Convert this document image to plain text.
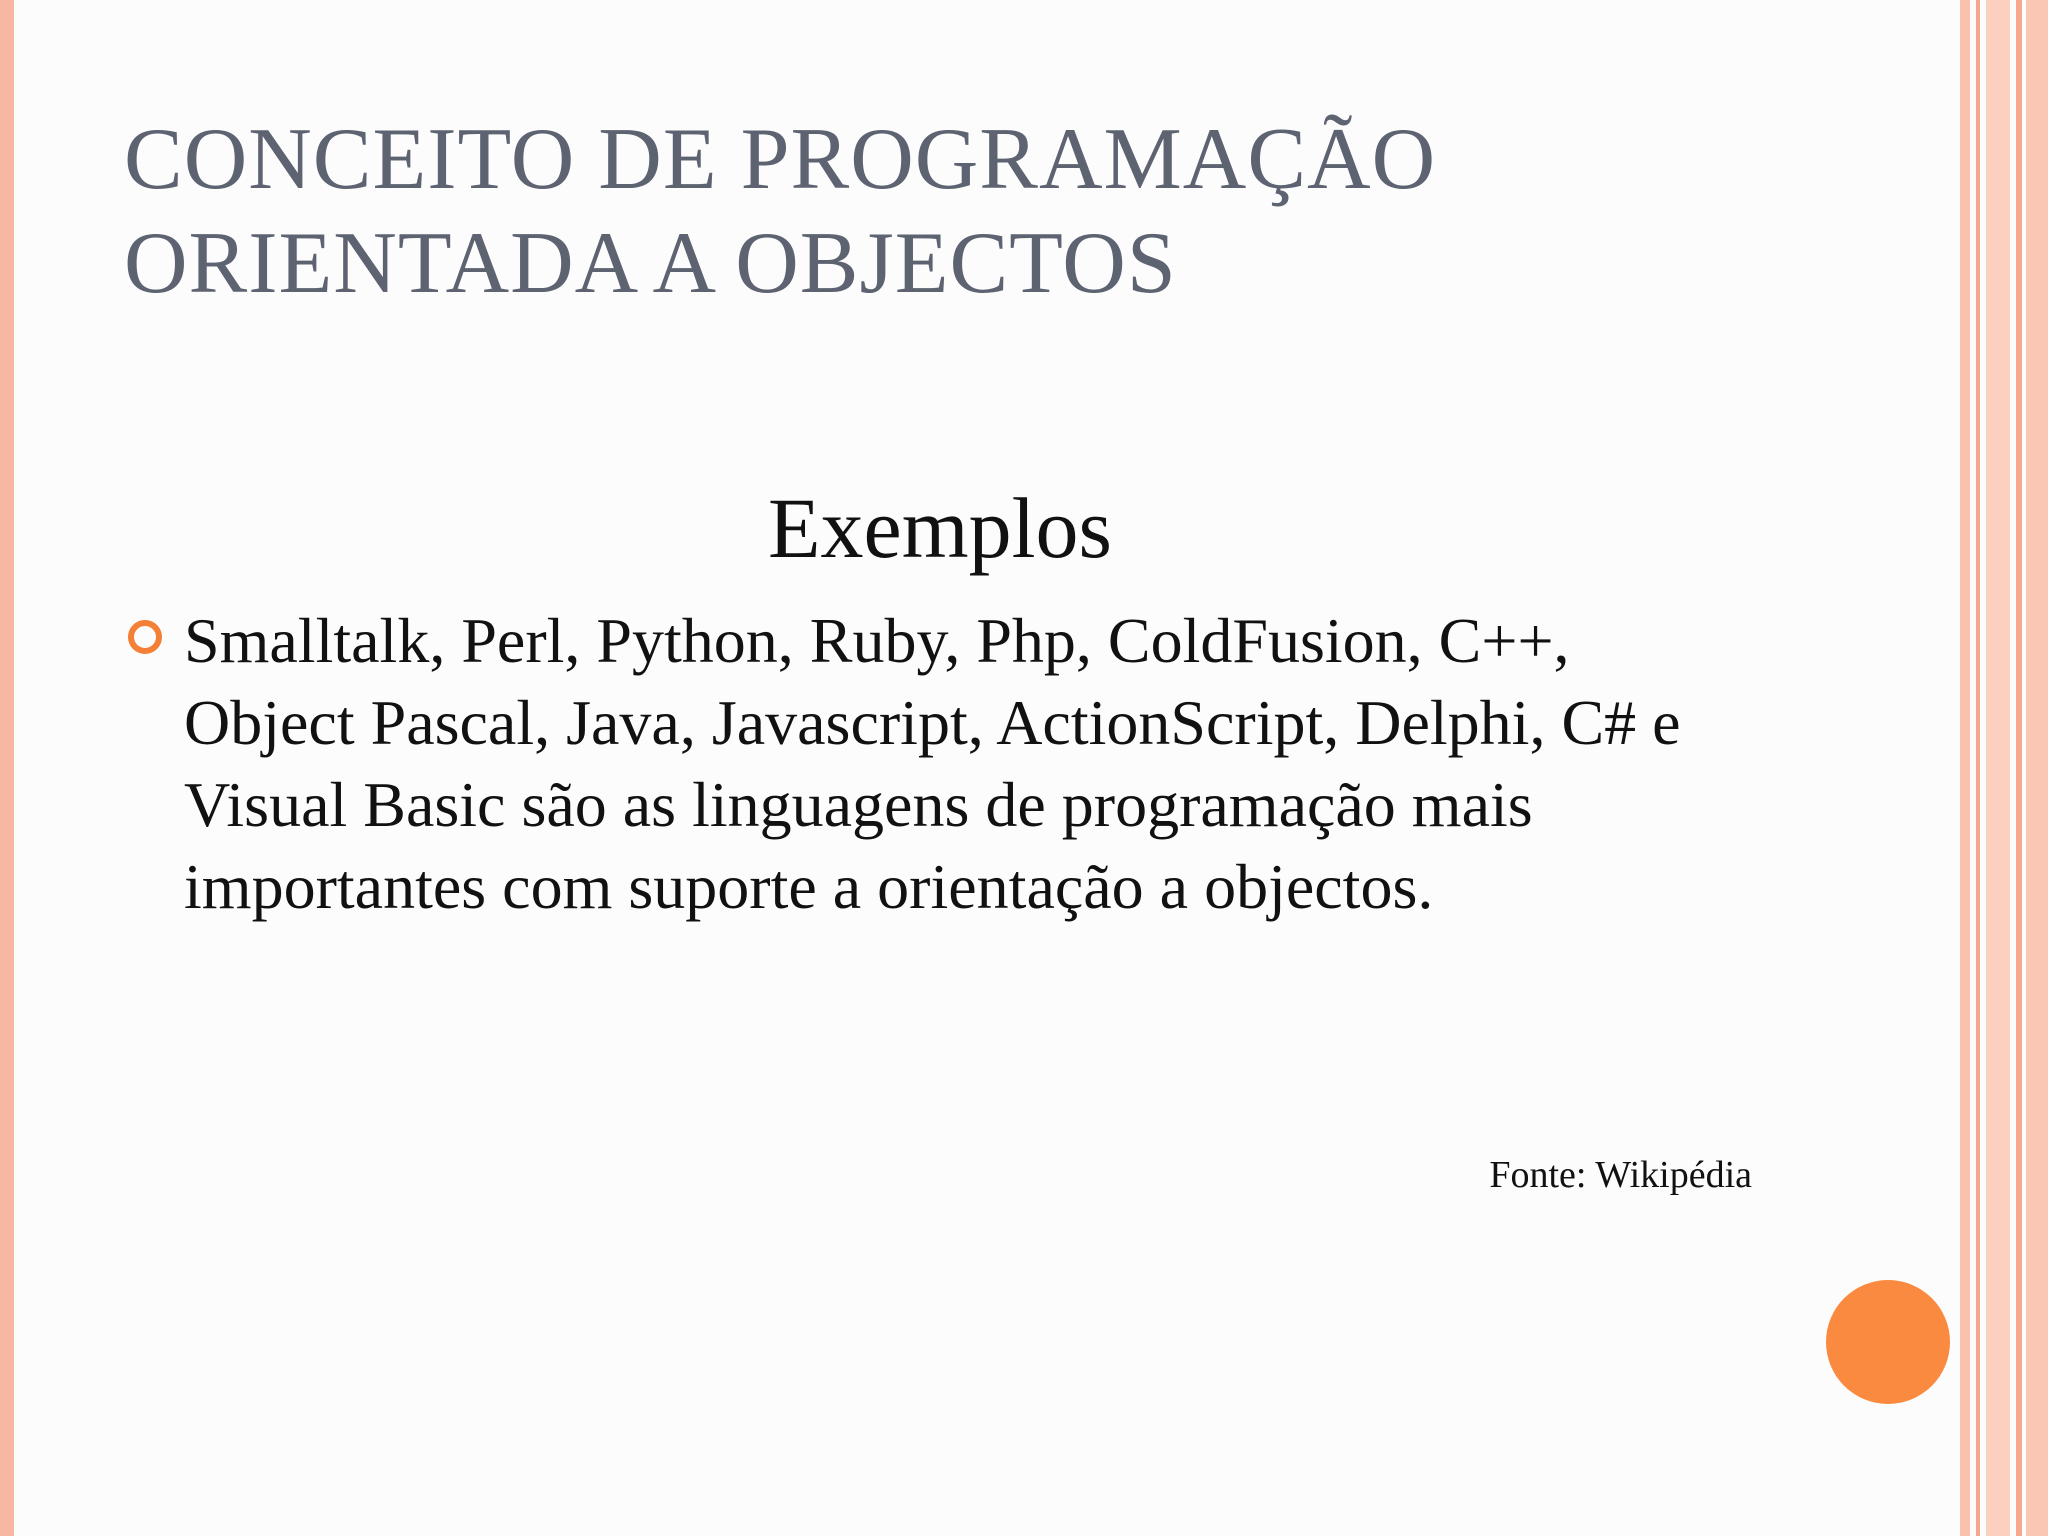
CONCEITO DE PROGRAMAÇÃO
ORIENTADA A OBJECTOS
Exemplos
Smalltalk, Perl, Python, Ruby, Php, ColdFusion, C++, Object Pascal, Java, Javascript, ActionScript, Delphi, C# e Visual Basic são as linguagens de programação mais importantes com suporte a orientação a objectos.
Fonte: Wikipédia
